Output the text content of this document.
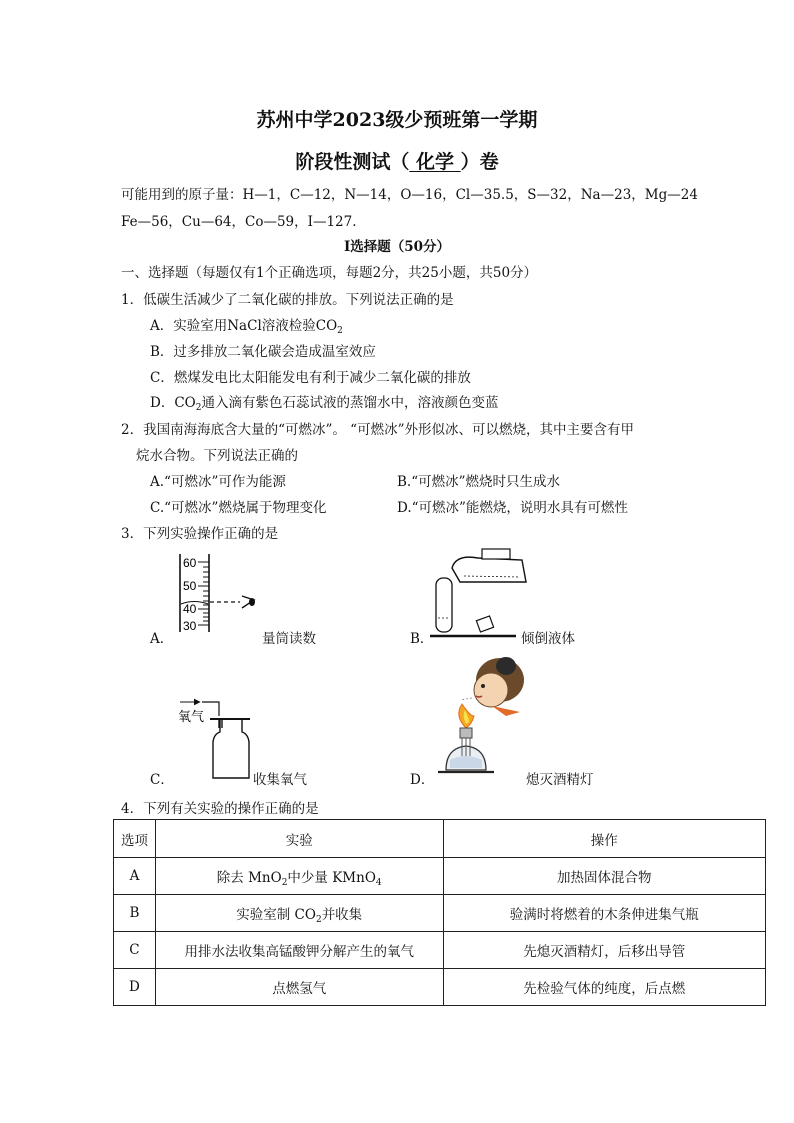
苏州中学2023级少预班第一学期
阶段性测试（ 化学 ）卷
可能用到的原子量：H—1，C—12，N—14，O—16，Cl—35.5，S—32，Na—23，Mg—24
Fe—56，Cu—64，Co—59，I—127.
Ⅰ选择题（50分）
一、选择题（每题仅有1个正确选项，每题2分，共25小题，共50分）
1．低碳生活减少了二氧化碳的排放。下列说法正确的是
A．实验室用NaCl溶液检验$CO_2$
B．过多排放二氧化碳会造成温室效应
C．燃煤发电比太阳能发电有利于减少二氧化碳的排放
D．$CO_2$通入滴有紫色石蕊试液的蒸馏水中，溶液颜色变蓝
2．我国南海海底含大量的“可燃冰”。 “可燃冰”外形似冰、可以燃烧，其中主要含有甲
烷水合物。下列说法正确的
A.“可燃冰”可作为能源	B.“可燃冰”燃烧时只生成水
C.“可燃冰”燃烧属于物理变化	D.“可燃冰”能燃烧，说明水具有可燃性
3．下列实验操作正确的是
60
50
40
30
A．	量筒读数	B．	倾倒液体
氧气
C．	收集氧气	D．	熄灭酒精灯
4．下列有关实验的操作正确的是
选项	实验	操作
A	除去 MnO$_2$中少量 KMnO$_4$	加热固体混合物
B	实验室制 $CO_2$并收集	验满时将燃着的木条伸进集气瓶
C	用排水法收集高锰酸钾分解产生的氧气	先熄灭酒精灯，后移出导管
D	点燃氢气	先检验气体的纯度，后点燃
